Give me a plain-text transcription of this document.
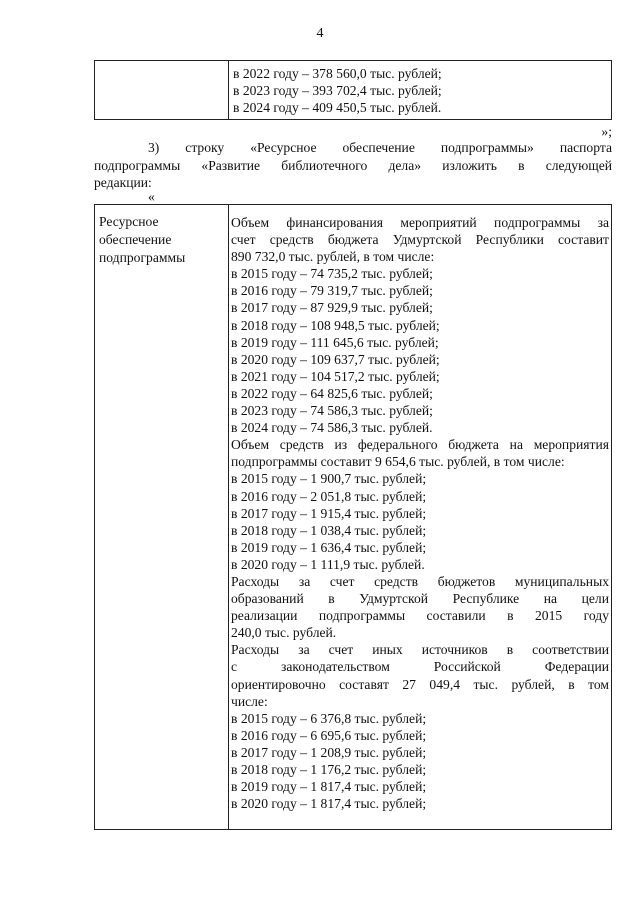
4
в 2022 году – 378 560,0 тыс. рублей;
в 2023 году – 393 702,4 тыс. рублей;
в 2024 году – 409 450,5 тыс. рублей.
»;
3) строку «Ресурсное обеспечение подпрограммы» паспорта
подпрограммы «Развитие библиотечного дела» изложить в следующей
редакции:
«
Ресурсное
обеспечение
подпрограммы
Объем финансирования мероприятий подпрограммы за
счет средств бюджета Удмуртской Республики составит
890 732,0 тыс. рублей, в том числе:
в 2015 году – 74 735,2 тыс. рублей;
в 2016 году – 79 319,7 тыс. рублей;
в 2017 году – 87 929,9 тыс. рублей;
в 2018 году – 108 948,5 тыс. рублей;
в 2019 году – 111 645,6 тыс. рублей;
в 2020 году – 109 637,7 тыс. рублей;
в 2021 году – 104 517,2 тыс. рублей;
в 2022 году – 64 825,6 тыс. рублей;
в 2023 году – 74 586,3 тыс. рублей;
в 2024 году – 74 586,3 тыс. рублей.
Объем средств из федерального бюджета на мероприятия
подпрограммы составит 9 654,6 тыс. рублей, в том числе:
в 2015 году – 1 900,7 тыс. рублей;
в 2016 году – 2 051,8 тыс. рублей;
в 2017 году – 1 915,4 тыс. рублей;
в 2018 году – 1 038,4 тыс. рублей;
в 2019 году – 1 636,4 тыс. рублей;
в 2020 году – 1 111,9 тыс. рублей.
Расходы за счет средств бюджетов муниципальных
образований в Удмуртской Республике на цели
реализации подпрограммы составили в 2015 году
240,0 тыс. рублей.
Расходы за счет иных источников в соответствии
с законодательством Российской Федерации
ориентировочно составят 27 049,4 тыс. рублей, в том
числе:
в 2015 году – 6 376,8 тыс. рублей;
в 2016 году – 6 695,6 тыс. рублей;
в 2017 году – 1 208,9 тыс. рублей;
в 2018 году – 1 176,2 тыс. рублей;
в 2019 году – 1 817,4 тыс. рублей;
в 2020 году – 1 817,4 тыс. рублей;
